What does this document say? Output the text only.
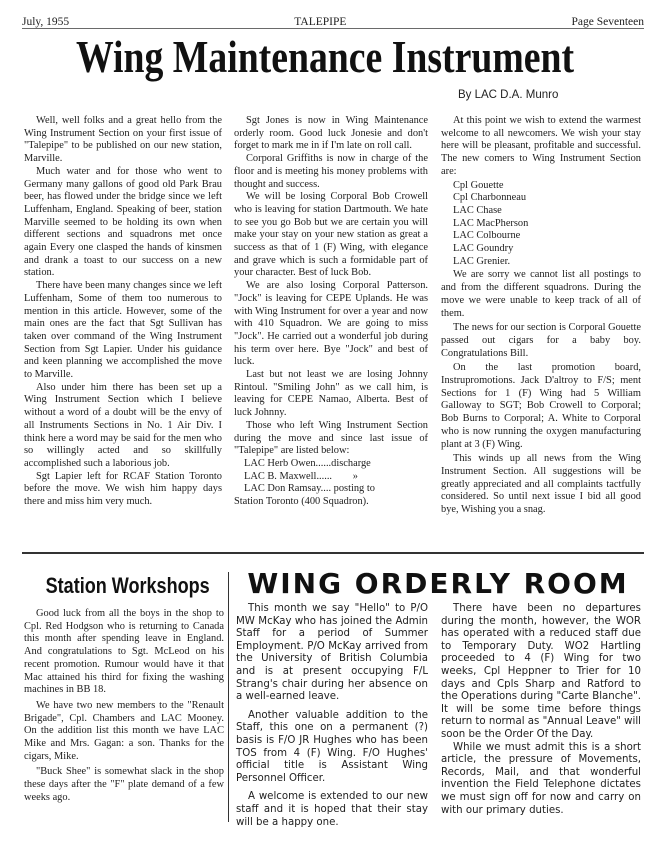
July, 1955	TALEPIPE	Page Seventeen
Wing Maintenance Instrument
By LAC D.A. Munro

Well, well folks and a great hello from the Wing Instrument Section on your first issue of "Talepipe" to be published on our new station, Marville.

Much water and for those who went to Germany many gallons of good old Park Brau beer, has flowed under the bridge since we left Luffenham, England. Speaking of beer, station Marville seemed to be holding its own when different sections and squadrons met once again Every one clasped the hands of kinsmen and drank a toast to our success on a new station.

There have been many changes since we left Luffenham, Some of them too numerous to mention in this article. However, some of the main ones are the fact that Sgt Sullivan has taken over command of the Wing Instrument Section from Sgt Lapier. Under his guidance and keen planning we accomplished the move to Marville.

Also under him there has been set up a Wing Instrument Section which I believe without a word of a doubt will be the envy of all Instruments Sections in No. 1 Air Div. I think here a word may be said for the men who so willingly acted and so skillfully accomplished such a laborious job.

Sgt Lapier left for RCAF Station Toronto before the move. We wish him happy days there and miss him very much.

Sgt Jones is now in Wing Maintenance orderly room. Good luck Jonesie and don't forget to mark me in if I'm late on roll call.

Corporal Griffiths is now in charge of the floor and is meeting his money problems with thought and success.

We will be losing Corporal Bob Crowell who is leaving for station Dartmouth. We hate to see you go Bob but we are certain you will make your stay on your new station as great a success as that of 1 (F) Wing, with elegance and grave which is such a formidable part of your character. Best of luck Bob.

We are also losing Corporal Patterson. "Jock" is leaving for CEPE Uplands. He was with Wing Instrument for over a year and now with 410 Squadron. We are going to miss "Jock". He carried out a wonderful job during his term over here. Bye "Jock" and best of luck.

Last but not least we are losing Johnny Rintoul. "Smiling John" as we call him, is leaving for CEPE Namao, Alberta. Best of luck Johnny.

Those who left Wing Instrument Section during the move and since last issue of "Talepipe" are listed below:

LAC Herb Owen......discharge
LAC B. Maxwell......        »
LAC Don Ramsay.... posting to
Station Toronto (400 Squadron).

At this point we wish to extend the warmest welcome to all newcomers. We wish your stay here will be pleasant, profitable and successful. The new comers to Wing Instrument Section are:

Cpl Gouette
Cpl Charbonneau
LAC Chase
LAC MacPherson
LAC Colbourne
LAC Goundry
LAC Grenier.

We are sorry we cannot list all postings to and from the different squadrons. During the move we were unable to keep track of all of them.

The news for our section is Corporal Gouette passed out cigars for a baby boy. Congratulations Bill.

On the last promotion board, Instrupromotions. Jack D'altroy to F/S; ment Sections for 1 (F) Wing had 5 William Galloway to SGT; Bob Crowell to Corporal; Bob Burns to Corporal; A. White to Corporal who is now running the oxygen manufacturing plant at 3 (F) Wing.

This winds up all news from the Wing Instrument Section. All suggestions will be greatly appreciated and all complaints tactfully considered. So until next issue I bid all good bye, Wishing you a snag.

Station Workshops

Good luck from all the boys in the shop to Cpl. Red Hodgson who is returning to Canada this month after spending leave in England. And congratulations to Sgt. McLeod on his recent promotion. Rumour would have it that Mac attained his third for fixing the washing machines in BB 18.

We have two new members to the "Renault Brigade", Cpl. Chambers and LAC Mooney. On the addition list this month we have LAC Mike and Mrs. Gagan: a son. Thanks for the cigars, Mike.

"Buck Shee" is somewhat slack in the shop these days after the "F" plate demand of a few weeks ago.

WING ORDERLY ROOM

This month we say "Hello" to P/O MW McKay who has joined the Admin Staff for a period of Summer Employment. P/O McKay arrived from the University of British Columbia and is at present occupying F/L Strang's chair during her absence on a well-earned leave.

Another valuable addition to the Staff, this one on a permanent (?) basis is F/O JR Hughes who has been TOS from 4 (F) Wing. F/O Hughes' official title is Assistant Wing Personnel Officer.

A welcome is extended to our new staff and it is hoped that their stay will be a happy one.

There have been no departures during the month, however, the WOR has operated with a reduced staff due to Temporary Duty. WO2 Hartling proceeded to 4 (F) Wing for two weeks, Cpl Heppner to Trier for 10 days and Cpls Sharp and Ratford to the Operations during "Carte Blanche". It will be some time before things return to normal as "Annual Leave" will soon be the Order Of the Day.

While we must admit this is a short article, the pressure of Movements, Records, Mail, and that wonderful invention the Field Telephone dictates we must sign off for now and carry on with our primary duties.
